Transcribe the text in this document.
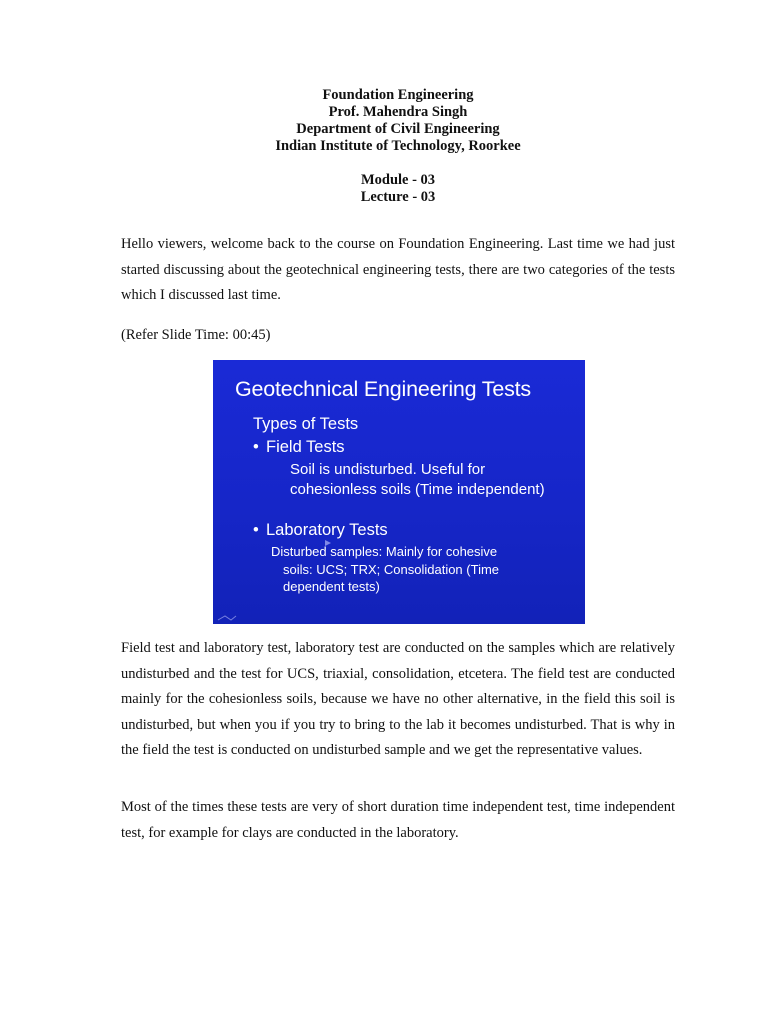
Foundation Engineering
Prof. Mahendra Singh
Department of Civil Engineering
Indian Institute of Technology, Roorkee
Module - 03
Lecture - 03

Hello viewers, welcome back to the course on Foundation Engineering. Last time we had just started discussing about the geotechnical engineering tests, there are two categories of the tests which I discussed last time.

(Refer Slide Time: 00:45)

Geotechnical Engineering Tests
Types of Tests
• Field Tests
Soil is undisturbed. Useful for cohesionless soils (Time independent)
• Laboratory Tests
Disturbed samples: Mainly for cohesive
soils: UCS; TRX; Consolidation (Time
dependent tests)

Field test and laboratory test, laboratory test are conducted on the samples which are relatively undisturbed and the test for UCS, triaxial, consolidation, etcetera. The field test are conducted mainly for the cohesionless soils, because we have no other alternative, in the field this soil is undisturbed, but when you if you try to bring to the lab it becomes undisturbed. That is why in the field the test is conducted on undisturbed sample and we get the representative values.

Most of the times these tests are very of short duration time independent test, time independent test, for example for clays are conducted in the laboratory.
